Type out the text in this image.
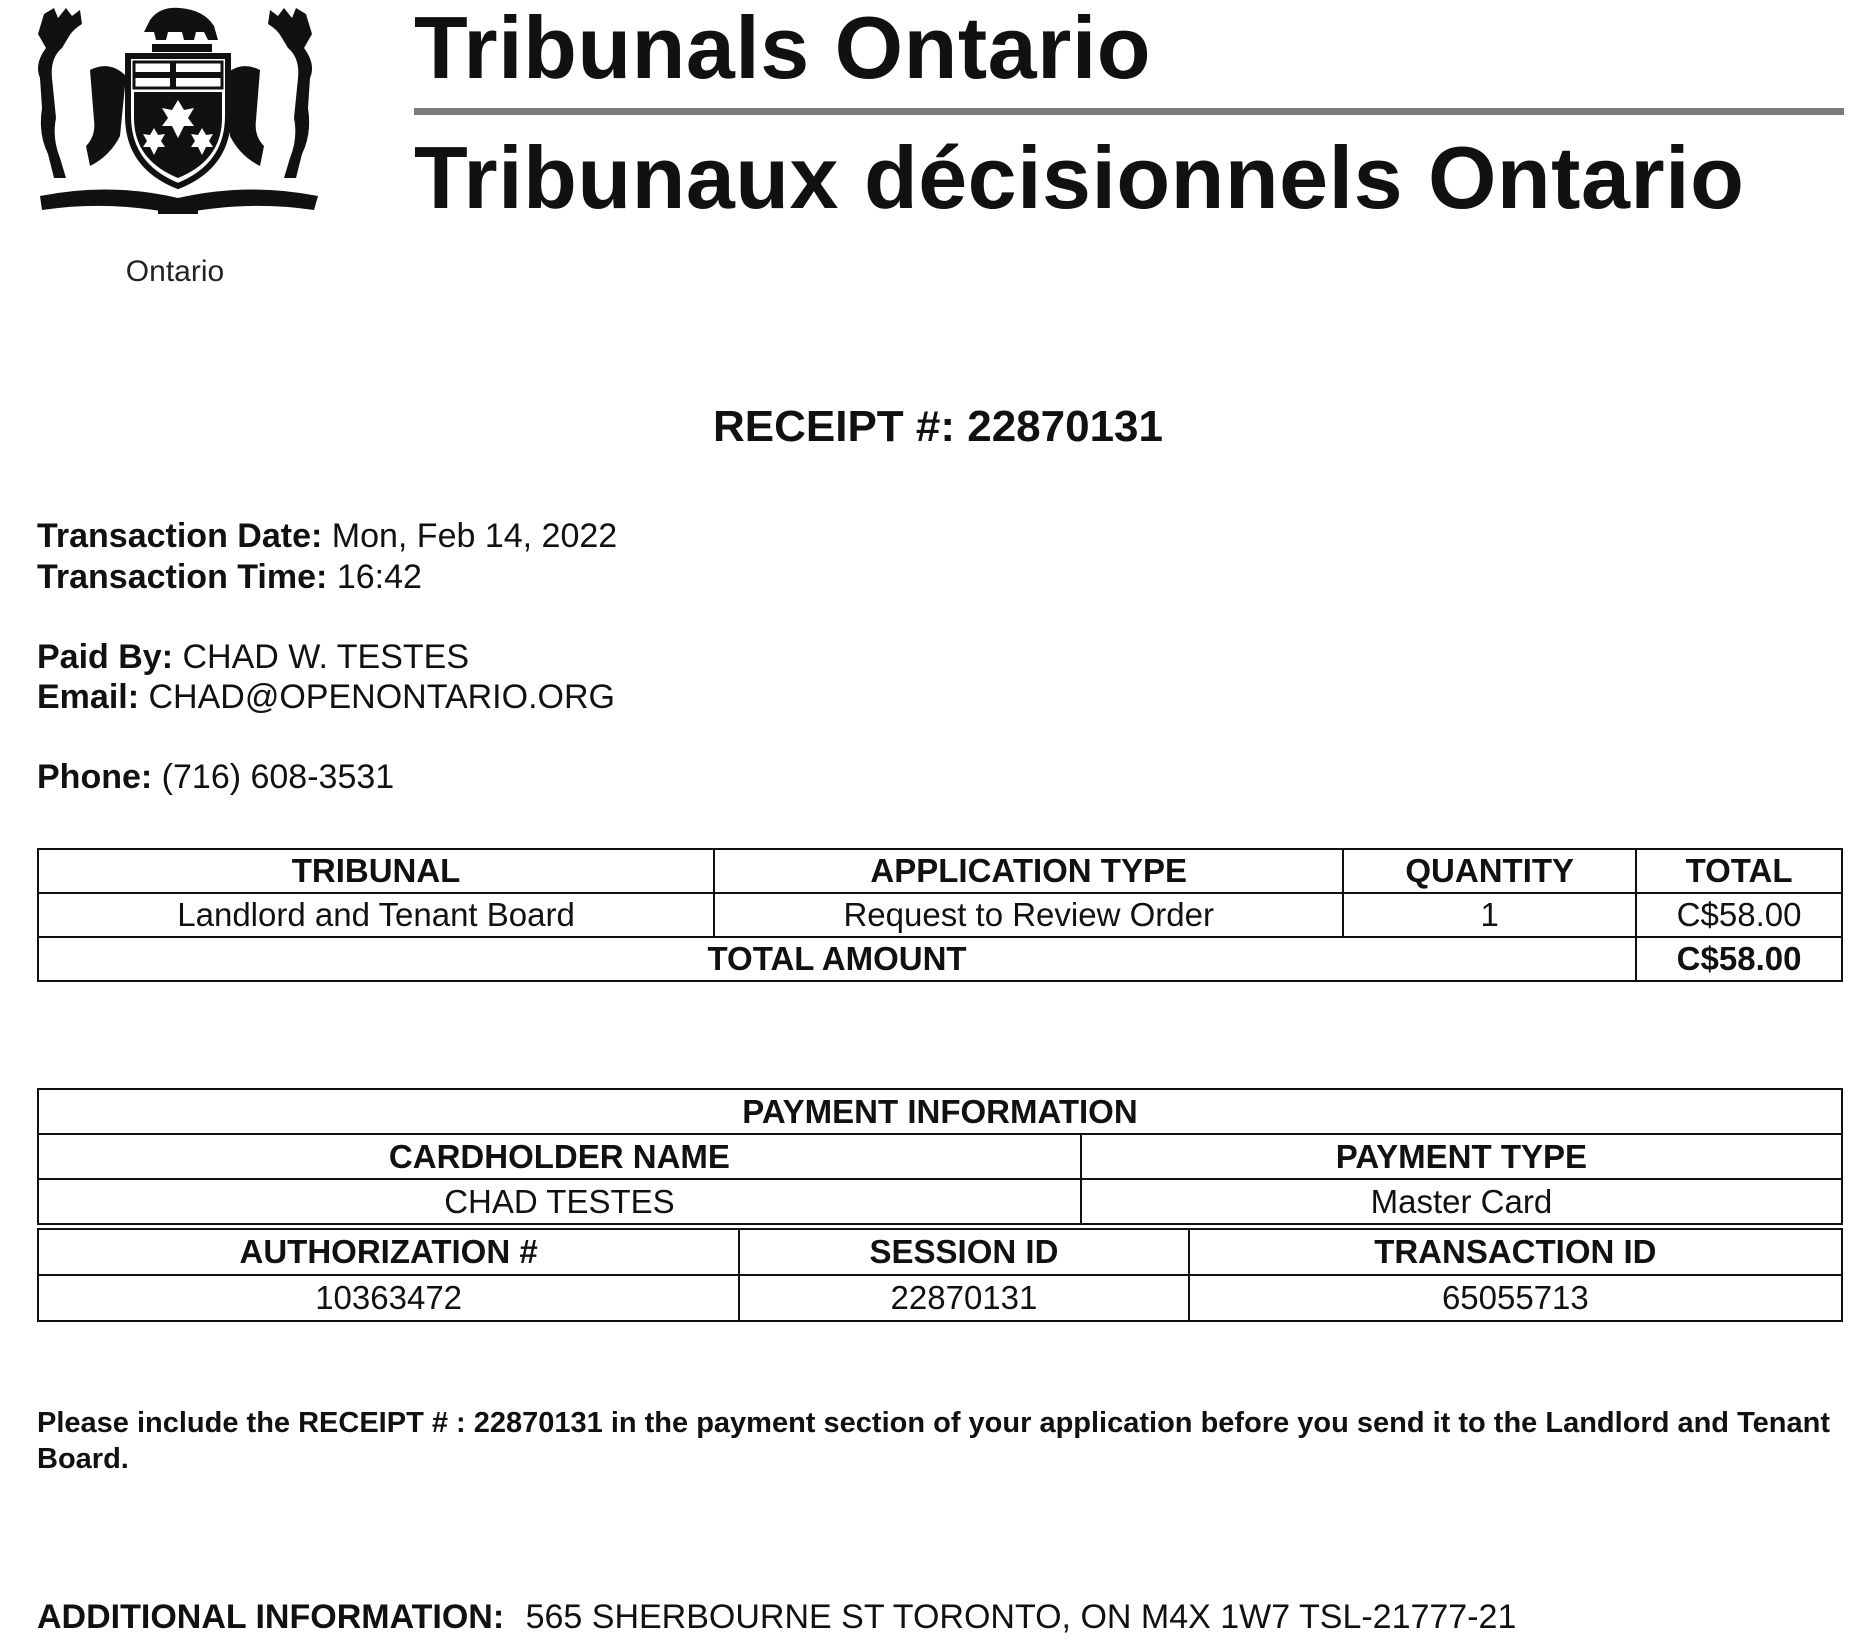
Ontario
Tribunals Ontario
Tribunaux décisionnels Ontario
RECEIPT #: 22870131
Transaction Date: Mon, Feb 14, 2022
Transaction Time: 16:42
Paid By: CHAD W. TESTES
Email: CHAD@OPENONTARIO.ORG
Phone: (716) 608-3531
TRIBUNAL	APPLICATION TYPE	QUANTITY	TOTAL
Landlord and Tenant Board	Request to Review Order	1	C$58.00
TOTAL AMOUNT			C$58.00
PAYMENT INFORMATION	
CARDHOLDER NAME	PAYMENT TYPE
CHAD TESTES	Master Card
AUTHORIZATION #	SESSION ID	TRANSACTION ID
10363472	22870131	65055713
Please include the RECEIPT # : 22870131 in the payment section of your application before you send it to the Landlord and Tenant Board.
ADDITIONAL INFORMATION: 565 SHERBOURNE ST TORONTO, ON M4X 1W7 TSL-21777-21
